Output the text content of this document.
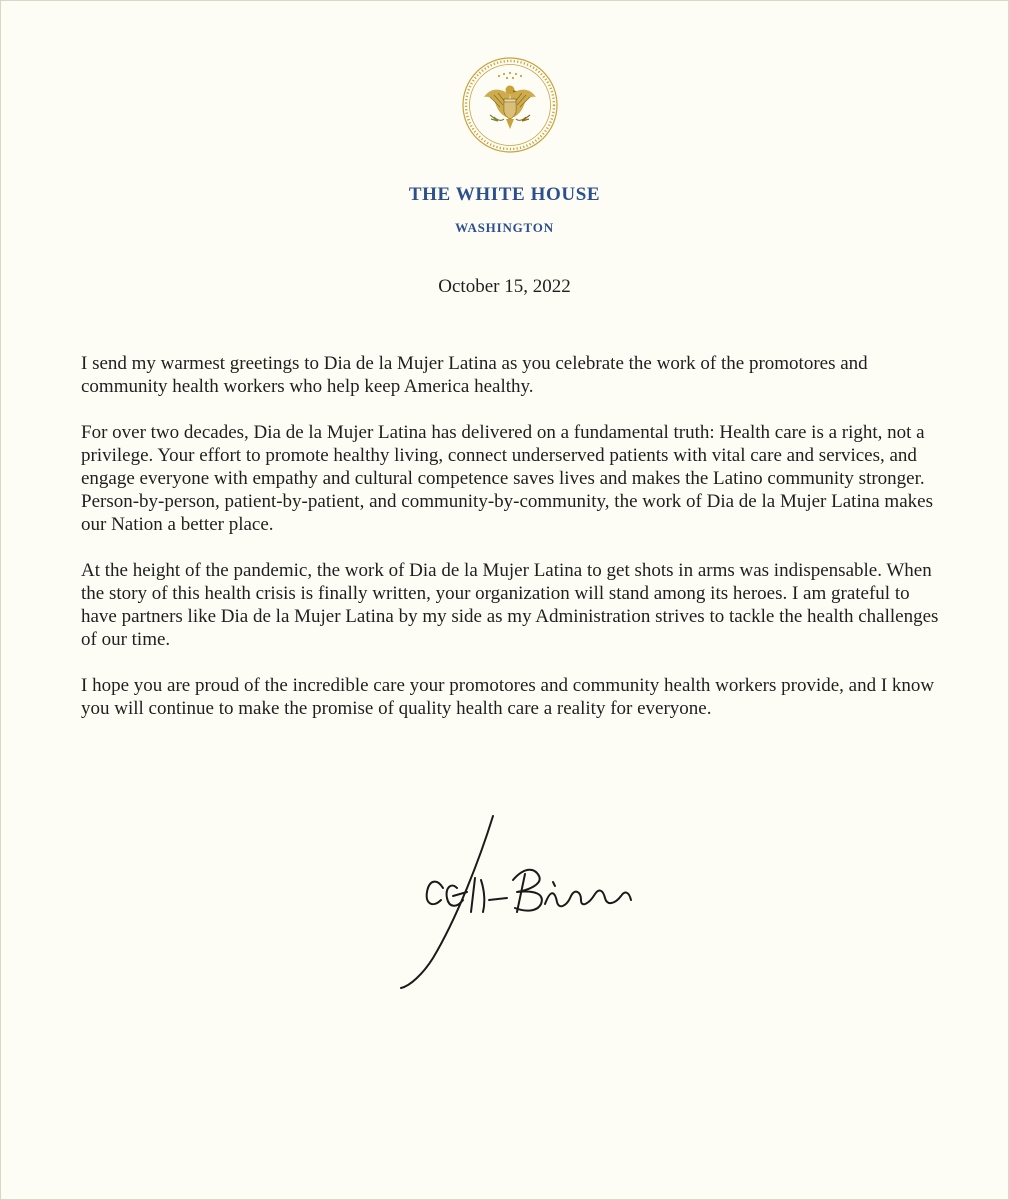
THE WHITE HOUSE
WASHINGTON
October 15, 2022

I send my warmest greetings to Dia de la Mujer Latina as you celebrate the work of the promotores and community health workers who help keep America healthy.

For over two decades, Dia de la Mujer Latina has delivered on a fundamental truth: Health care is a right, not a privilege. Your effort to promote healthy living, connect underserved patients with vital care and services, and engage everyone with empathy and cultural competence saves lives and makes the Latino community stronger. Person-by-person, patient-by-patient, and community-by-community, the work of Dia de la Mujer Latina makes our Nation a better place.

At the height of the pandemic, the work of Dia de la Mujer Latina to get shots in arms was indispensable. When the story of this health crisis is finally written, your organization will stand among its heroes. I am grateful to have partners like Dia de la Mujer Latina by my side as my Administration strives to tackle the health challenges of our time.

I hope you are proud of the incredible care your promotores and community health workers provide, and I know you will continue to make the promise of quality health care a reality for everyone.
